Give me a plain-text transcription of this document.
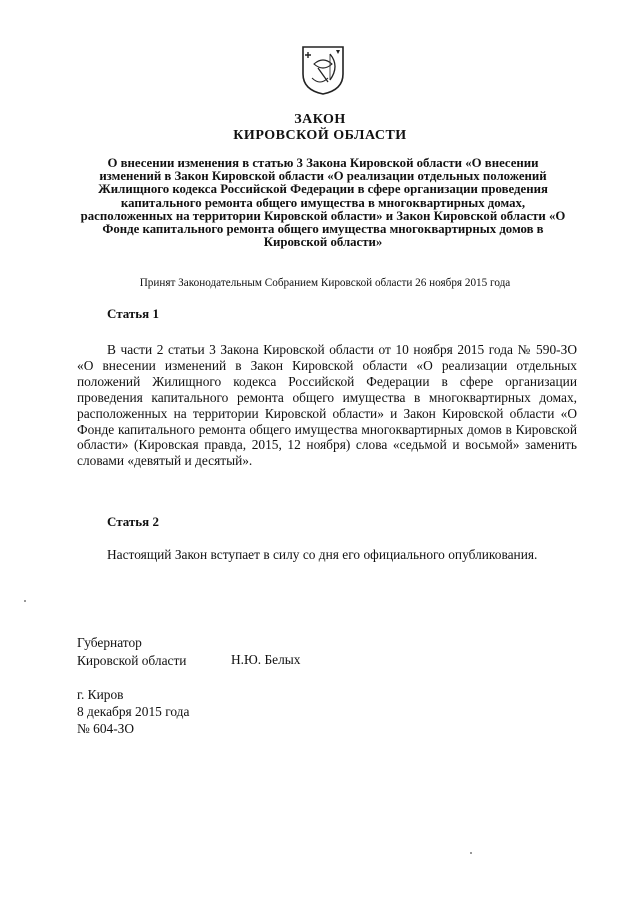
ЗАКОН
КИРОВСКОЙ ОБЛАСТИ
О внесении изменения в статью 3 Закона Кировской области «О внесении изменений в Закон Кировской области «О реализации отдельных положений Жилищного кодекса Российской Федерации в сфере организации проведения капитального ремонта общего имущества в многоквартирных домах, расположенных на территории Кировской области» и Закон Кировской области «О Фонде капитального ремонта общего имущества многоквартирных домов в Кировской области»
Принят Законодательным Собранием Кировской области 26 ноября 2015 года
Статья 1
В части 2 статьи 3 Закона Кировской области от 10 ноября 2015 года № 590-ЗО «О внесении изменений в Закон Кировской области «О реализации отдельных положений Жилищного кодекса Российской Федерации в сфере организации проведения капитального ремонта общего имущества в многоквартирных домах, расположенных на территории Кировской области» и Закон Кировской области «О Фонде капитального ремонта общего имущества многоквартирных домов в Кировской области» (Кировская правда, 2015, 12 ноября) слова «седьмой и восьмой» заменить словами «девятый и десятый».
Статья 2
Настоящий Закон вступает в силу со дня его официального опубликования.
Губернатор
Кировской области	Н.Ю. Белых
г. Киров
8 декабря 2015 года
№ 604-ЗО
